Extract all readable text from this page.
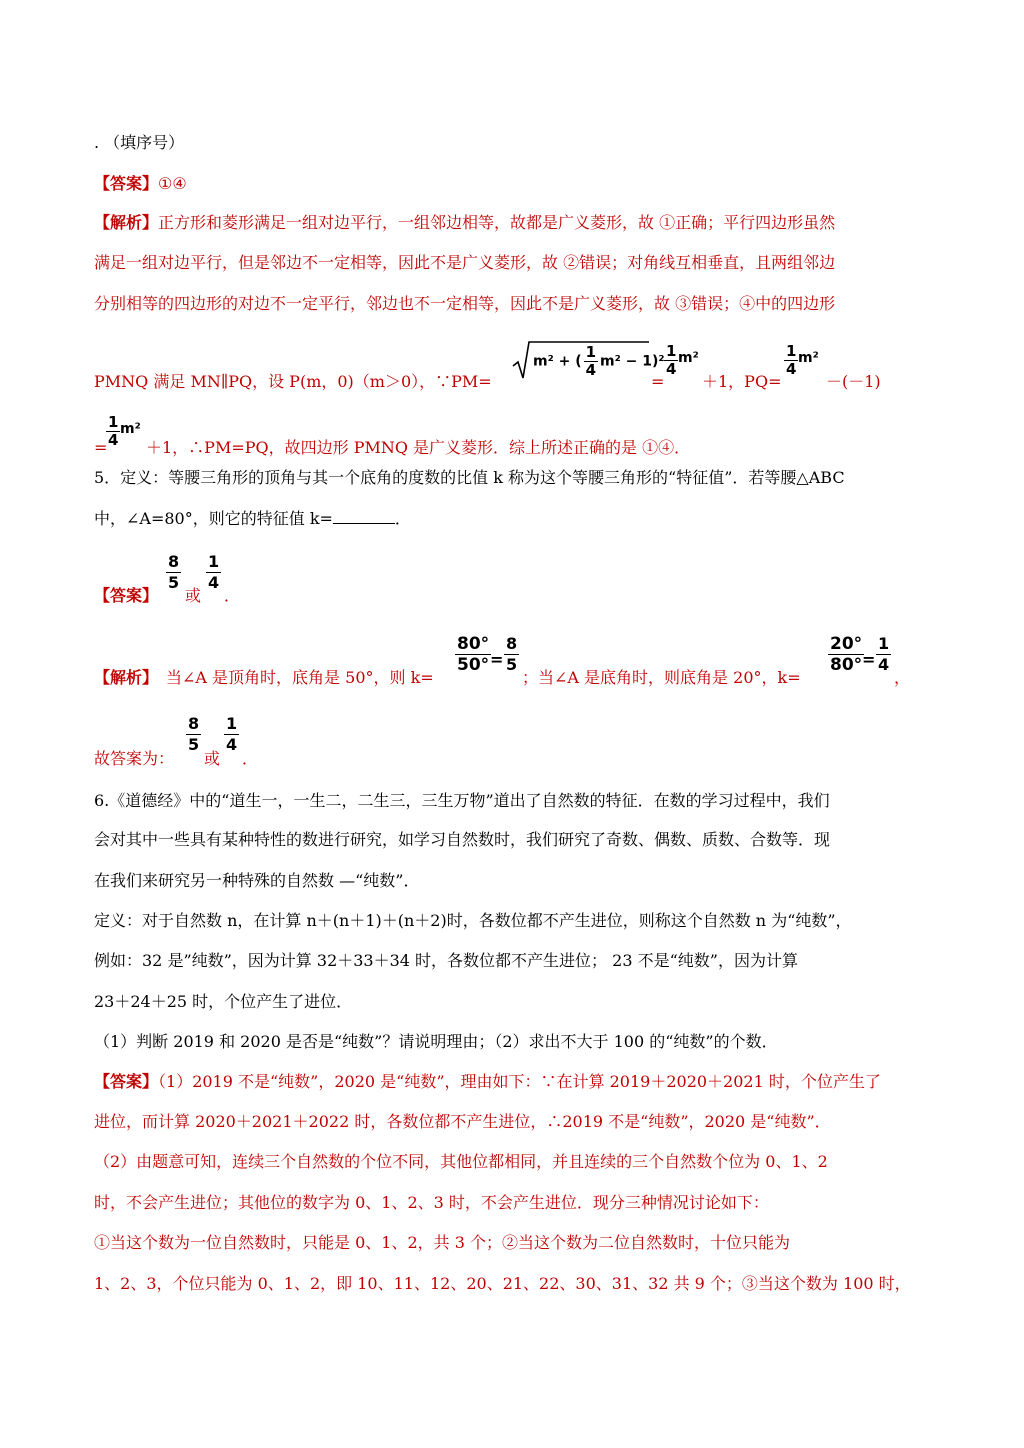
. （填序号）
【答案】①④
【解析】正方形和菱形满足一组对边平行，一组邻边相等，故都是广义菱形，故 ①正确；平行四边形虽然
满足一组对边平行，但是邻边不一定相等，因此不是广义菱形，故 ②错误；对角线互相垂直，且两组邻边
分别相等的四边形的对边不一定平行，邻边也不一定相等，因此不是广义菱形，故 ③错误；④中的四边形
PMNQ 满足 MN∥PQ，设 P(m，0)（m＞0），∵PM=
m² + ( $\frac{1}{4} m^2 - 1)^2$
=
$\frac{1}{4} m^2$
＋1，PQ=
$\frac{1}{4} m^2$
－(－1)
=
$\frac{1}{4} m^2$
＋1，∴PM=PQ，故四边形 PMNQ 是广义菱形．综上所述正确的是 ①④．
5．定义：等腰三角形的顶角与其一个底角的度数的比值 k 称为这个等腰三角形的“特征值”．若等腰△ABC
中，∠A=80°，则它的特征值 k=	．
【答案】
$\frac{8}{5}$
或
$\frac{1}{4}$
．
【解析】 当∠A 是顶角时，底角是 50°，则 k=
$\frac{80^\circ}{50^\circ}$
= $\frac{8}{5}$
；当∠A 是底角时，则底角是 20°，k=
$\frac{20^\circ}{80^\circ}$
= $\frac{1}{4}$
，
故答案为：
$\frac{8}{5}$
或
$\frac{1}{4}$
．
6.《道德经》中的“道生一，一生二，二生三，三生万物”道出了自然数的特征．在数的学习过程中，我们
会对其中一些具有某种特性的数进行研究，如学习自然数时，我们研究了奇数、偶数、质数、合数等．现
在我们来研究另一种特殊的自然数 —“纯数”．
定义：对于自然数 n，在计算 n＋(n＋1)＋(n＋2)时，各数位都不产生进位，则称这个自然数 n 为“纯数”，
例如：32 是”纯数”，因为计算 32＋33＋34 时，各数位都不产生进位； 23 不是“纯数”，因为计算
23＋24＋25 时，个位产生了进位．
（1）判断 2019 和 2020 是否是“纯数”？请说明理由；（2）求出不大于 100 的“纯数”的个数．
【答案】（1）2019 不是“纯数”，2020 是“纯数”，理由如下：∵在计算 2019＋2020＋2021 时，个位产生了
进位，而计算 2020＋2021＋2022 时，各数位都不产生进位，∴2019 不是“纯数”，2020 是“纯数”．
（2）由题意可知，连续三个自然数的个位不同，其他位都相同，并且连续的三个自然数个位为 0、1、2
时，不会产生进位；其他位的数字为 0、1、2、3 时，不会产生进位．现分三种情况讨论如下：
①当这个数为一位自然数时，只能是 0、1、2，共 3 个；②当这个数为二位自然数时，十位只能为
1、2、3，个位只能为 0、1、2，即 10、11、12、20、21、22、30、31、32 共 9 个；③当这个数为 100 时，
